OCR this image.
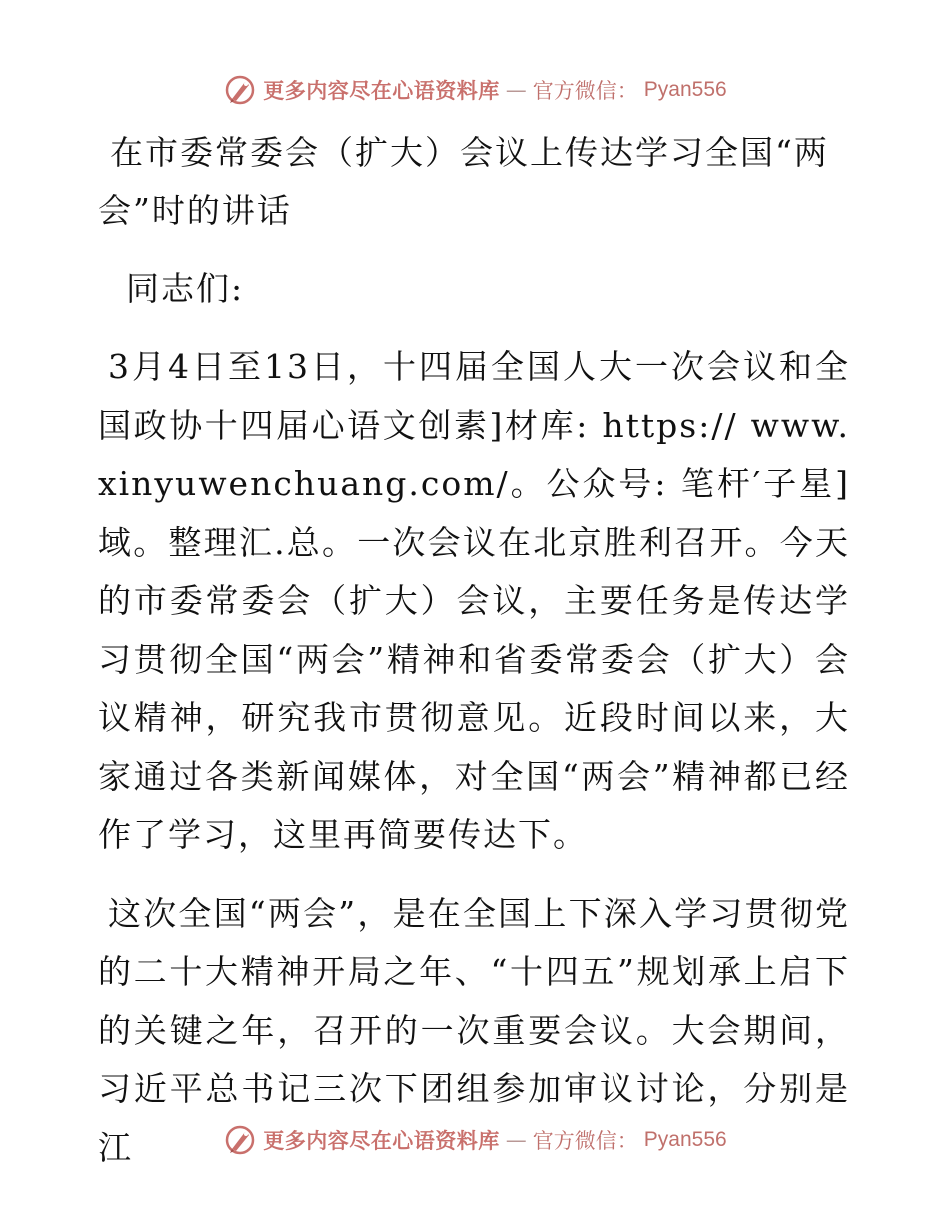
更多内容尽在心语资料库 — 官方微信： Pyan556
在市委常委会（扩大）会议上传达学习全国“两会”时的讲话

同志们:

3月4日至13日，十四届全国人大一次会议和全国政协十四届心语文创素]材库: https:// www.xinyuwenchuang.com/。公众号: 笔杆′子星]域。整理汇.总。一次会议在北京胜利召开。今天的市委常委会（扩大）会议，主要任务是传达学习贯彻全国“两会”精神和省委常委会（扩大）会议精神，研究我市贯彻意见。近段时间以来，大家通过各类新闻媒体，对全国“两会”精神都已经作了学习，这里再简要传达下。

这次全国“两会”，是在全国上下深入学习贯彻党的二十大精神开局之年、“十四五”规划承上启下的关键之年，召开的一次重要会议。大会期间，习近平总书记三次下团组参加审议讨论，分别是江	更多内容尽在心语资料库 — 官方微信： Pyan556
